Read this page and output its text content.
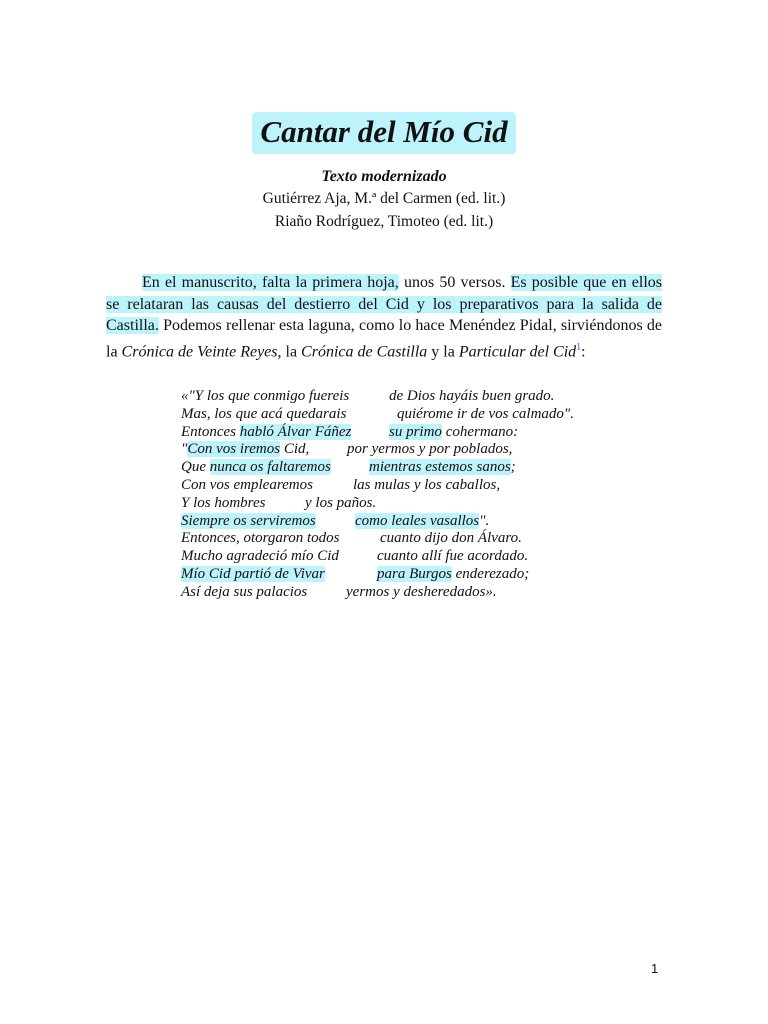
Cantar del Mío Cid

Texto modernizado

Gutiérrez Aja, M.ª del Carmen (ed. lit.)

Riaño Rodríguez, Timoteo (ed. lit.)

En el manuscrito, falta la primera hoja, unos 50 versos. Es posible que en ellos se relataran las causas del destierro del Cid y los preparativos para la salida de Castilla. Podemos rellenar esta laguna, como lo hace Menéndez Pidal, sirviéndonos de la Crónica de Veinte Reyes, la Crónica de Castilla y la Particular del Cid$^1$:

«"Y los que conmigo fuereis	de Dios hayáis buen grado.
Mas, los que acá quedarais	quiérome ir de vos calmado".
Entonces habló Álvar Fáñez	su primo cohermano:
"Con vos iremos Cid,	por yermos y por poblados,
Que nunca os faltaremos	mientras estemos sanos;
Con vos emplearemos	las mulas y los caballos,
Y los hombres	y los paños.
Siempre os serviremos	como leales vasallos".
Entonces, otorgaron todos	cuanto dijo don Álvaro.
Mucho agradeció mío Cid	cuanto allí fue acordado.
Mío Cid partió de Vivar	para Burgos enderezado;
Así deja sus palacios	yermos y desheredados».
1
